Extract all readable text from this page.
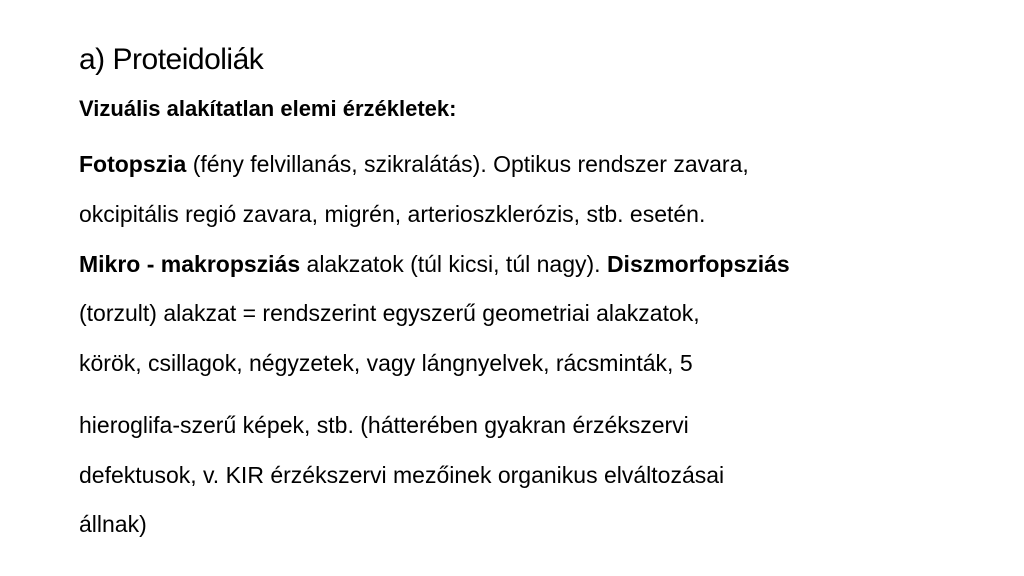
a) Proteidoliák
Vizuális alakítatlan elemi érzékletek:
Fotopszia (fény felvillanás, szikralátás). Optikus rendszer zavara,
okcipitális regió zavara, migrén, arterioszklerózis, stb. esetén.
Mikro - makropsziás alakzatok (túl kicsi, túl nagy). Diszmorfopsziás
(torzult) alakzat = rendszerint egyszerű geometriai alakzatok,
körök, csillagok, négyzetek, vagy lángnyelvek, rácsminták, 5
hieroglifa-szerű képek, stb. (hátterében gyakran érzékszervi
defektusok, v. KIR érzékszervi mezőinek organikus elváltozásai
állnak)
